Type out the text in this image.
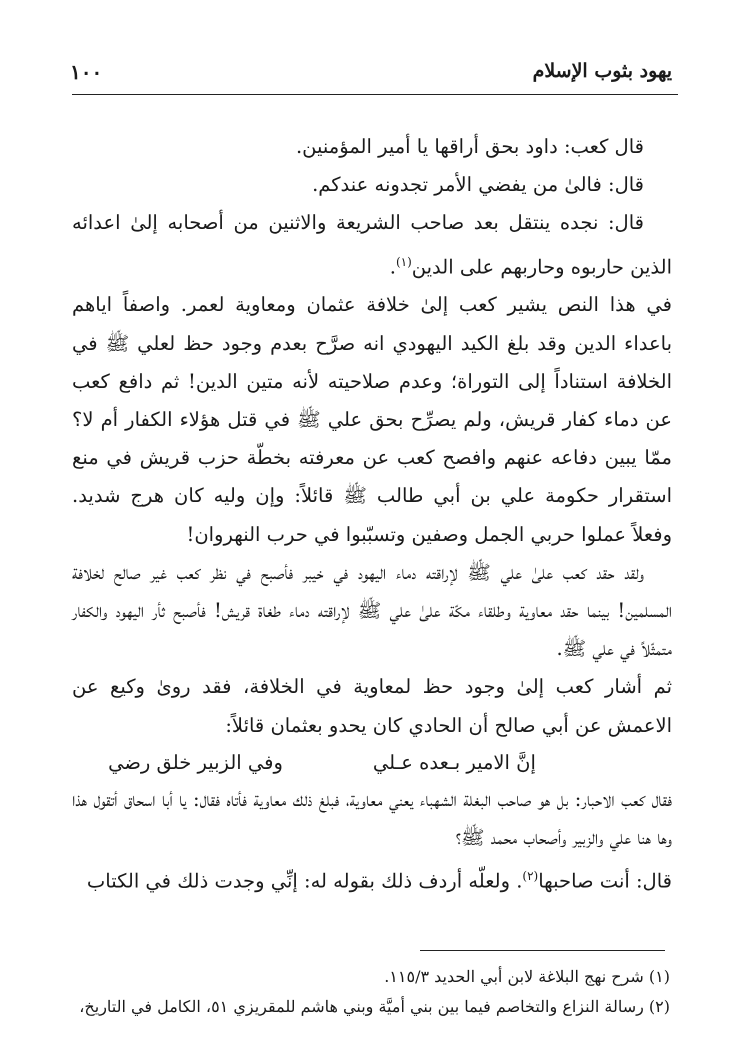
يهود بثوب الإسلام
١٠٠

قال كعب: داود بحق أراقها يا أمير المؤمنين.

قال: فالىٰ من يفضي الأمر تجدونه عندكم.

قال: نجده ينتقل بعد صاحب الشريعة والاثنين من أصحابه إلىٰ اعدائه الذين حاربوه وحاربهم على الدين$^{(١)}$.

في هذا النص يشير كعب إلىٰ خلافة عثمان ومعاوية لعمر. واصفاً اياهم باعداء الدين وقد بلغ الكيد اليهودي انه صرَّح بعدم وجود حظ لعلي ﷺ في الخلافة استناداً إلى التوراة؛ وعدم صلاحيته لأنه متين الدين! ثم دافع كعب عن دماء كفار قريش، ولم يصرِّح بحق علي ﷺ في قتل هؤلاء الكفار أم لا؟ ممّا يبين دفاعه عنهم وافصح كعب عن معرفته بخطّة حزب قريش في منع استقرار حكومة علي بن أبي طالب ﷺ قائلاً: وإن وليه كان هرج شديد. وفعلاً عملوا حربي الجمل وصفين وتسبّبوا في حرب النهروان!

ولقد حقد كعب علىٰ علي ﷺ لإراقته دماء اليهود في خيبر فأصبح في نظر كعب غير صالح لخلافة المسلمين! بينما حقد معاوية وطلقاء مكّة علىٰ علي ﷺ لإراقته دماء طغاة قريش! فأصبح ثأر اليهود والكفار متمثّلاً في علي ﷺ.

ثم أشار كعب إلىٰ وجود حظ لمعاوية في الخلافة، فقد روىٰ وكيع عن الاعمش عن أبي صالح أن الحادي كان يحدو بعثمان قائلاً:

إنَّ الامير بـعده عـلي
وفي الزبير خلق رضي

فقال كعب الاحبار: بل هو صاحب البغلة الشهباء يعني معاوية، فبلغ ذلك معاوية فأتاه فقال: يا أبا اسحاق أتقول هذا وها هنا علي والزبير وأصحاب محمد ﷺ؟

قال: أنت صاحبها$^{(٢)}$. ولعلّه أردف ذلك بقوله له: إنِّي وجدت ذلك في الكتاب

(١) شرح نهج البلاغة لابن أبي الحديد ١١٥/٣.
(٢) رسالة النزاع والتخاصم فيما بين بني أميَّة وبني هاشم للمقريزي ٥١، الكامل في التاريخ،
